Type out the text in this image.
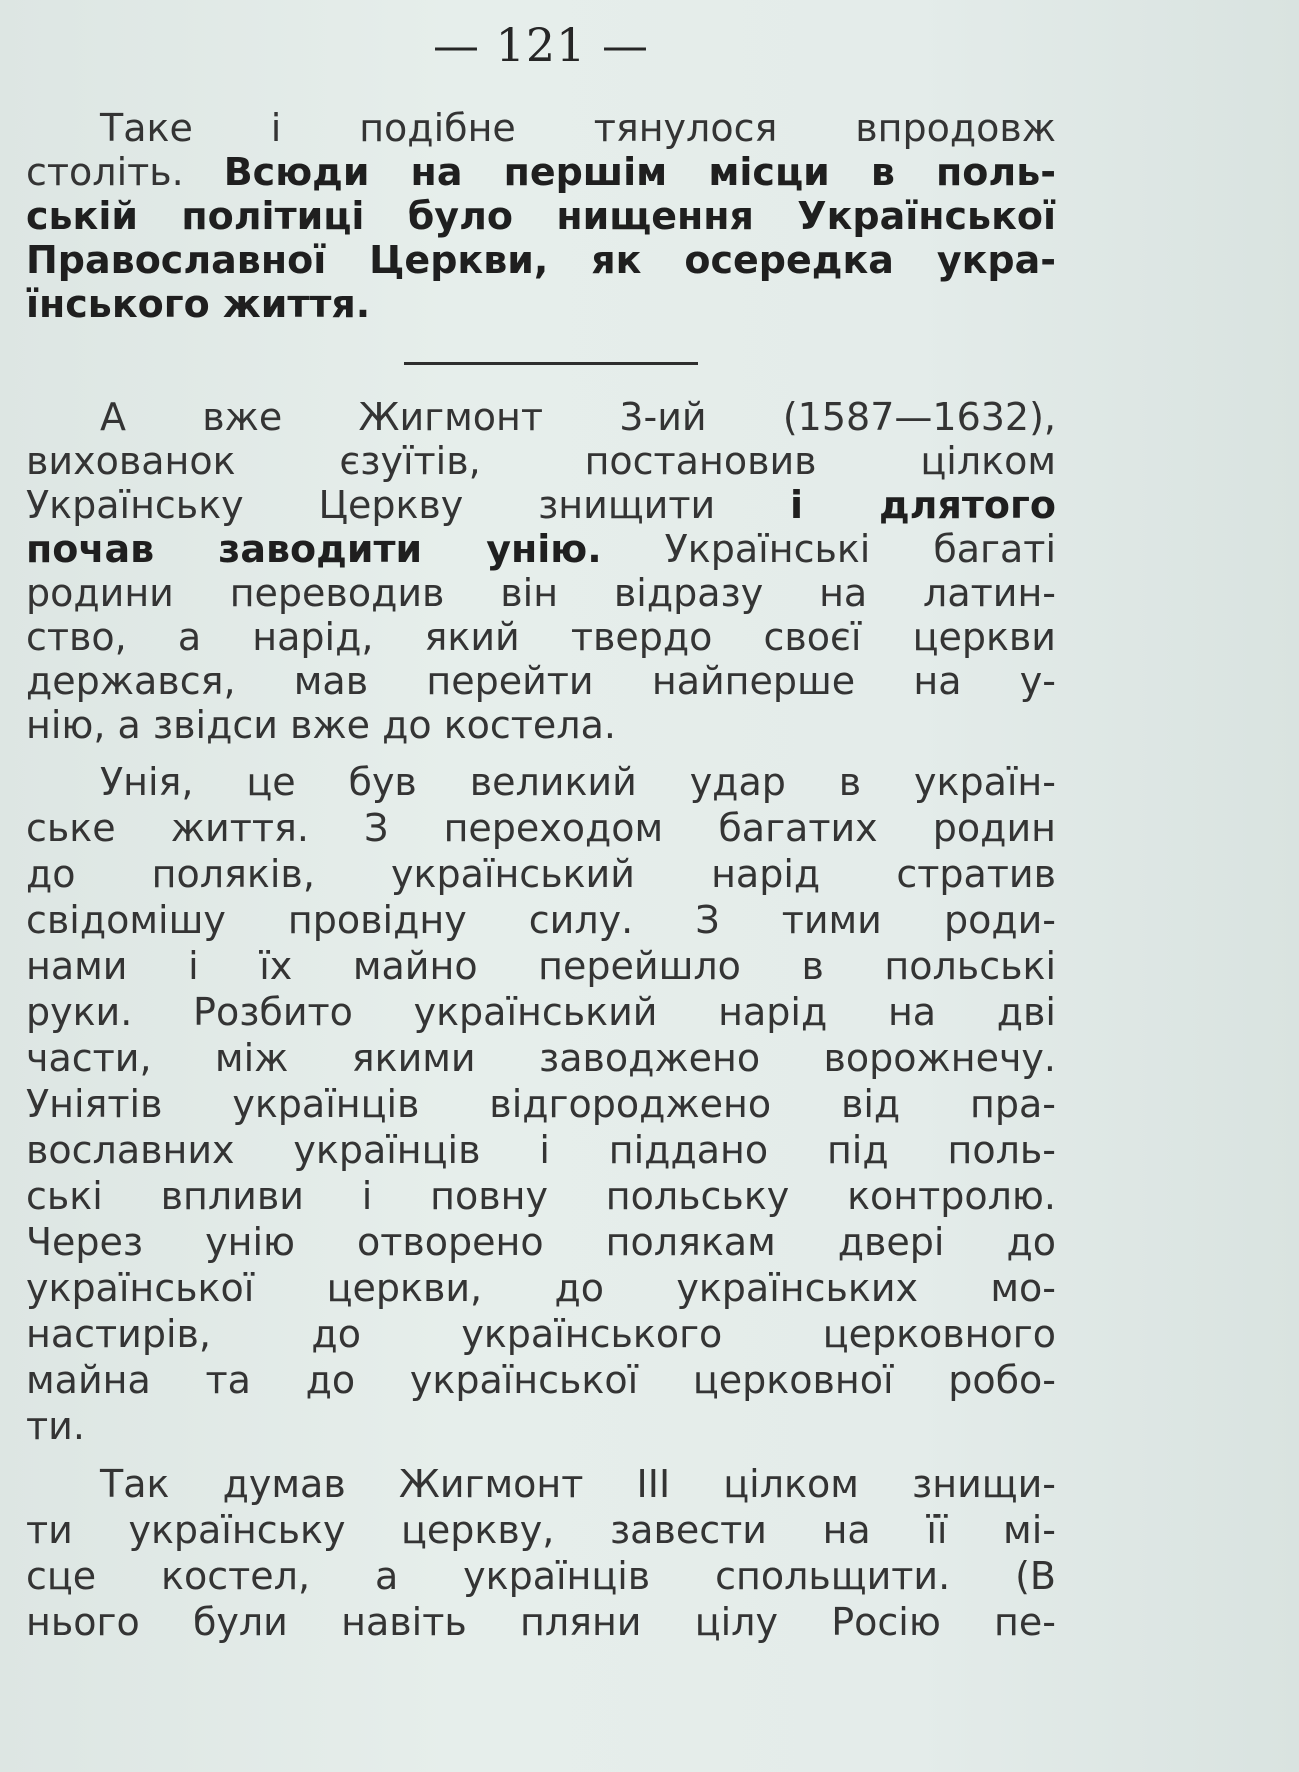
— 121 —
Таке і подібне тянулося впродовж
століть. Всюди на першім місци в поль-
ській політиці було нищення Української
Православної Церкви, як осередка укра-
їнського життя.
А вже Жигмонт 3-ий (1587—1632),
вихованок єзуїтів, постановив цілком
Українську Церкву знищити і длятого
почав заводити унію. Українські багаті
родини переводив він відразу на латин-
ство, а нарід, який твердо своєї церкви
держався, мав перейти найперше на у-
нію, а звідси вже до костела.
Унія, це був великий удар в україн-
ське життя. З переходом багатих родин
до поляків, український нарід стратив
свідомішу провідну силу. З тими роди-
нами і їх майно перейшло в польські
руки. Розбито український нарід на дві
части, між якими заводжено ворожнечу.
Уніятів українців відгороджено від пра-
вославних українців і піддано під поль-
ські впливи і повну польську контролю.
Через унію отворено полякам двері до
української церкви, до українських мо-
настирів, до українського церковного
майна та до української церковної робо-
ти.
Так думав Жигмонт III цілком знищи-
ти українську церкву, завести на її мі-
сце костел, а українців спольщити. (В
нього були навіть пляни цілу Росію пе-
